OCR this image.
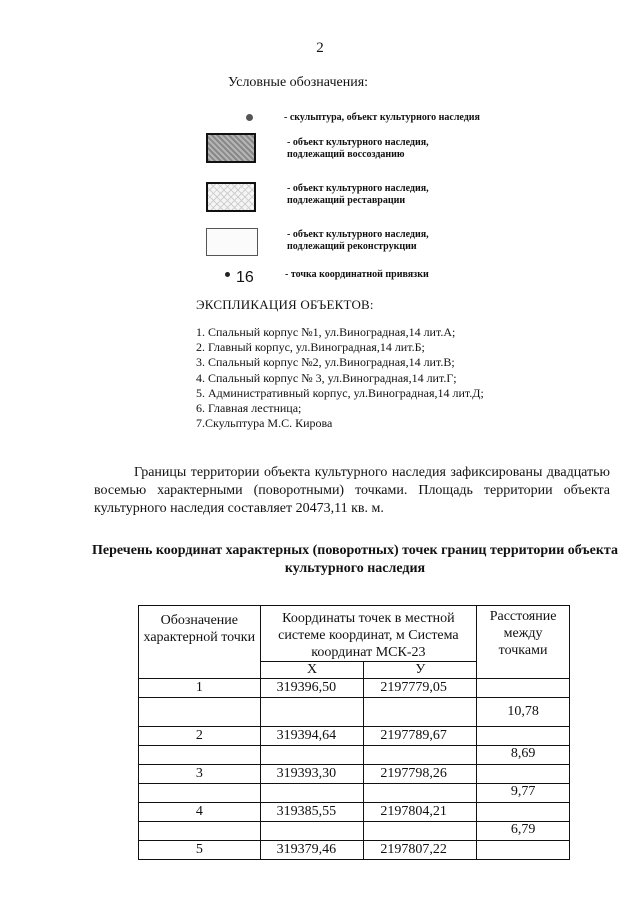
2
Условные обозначения:
- скульптура, объект культурного наследия
- объект культурного наследия, подлежащий воссозданию
- объект культурного наследия, подлежащий реставрации
- объект культурного наследия, подлежащий реконструкции
16	- точка координатной привязки
ЭКСПЛИКАЦИЯ ОБЪЕКТОВ:
1. Спальный корпус №1, ул.Виноградная,14 лит.А;
2. Главный корпус, ул.Виноградная,14 лит.Б;
3. Спальный корпус №2, ул.Виноградная,14 лит.В;
4. Спальный корпус № 3, ул.Виноградная,14 лит.Г;
5. Административный корпус, ул.Виноградная,14 лит.Д;
6. Главная лестница;
7.Скульптура М.С. Кирова
Границы территории объекта культурного наследия зафиксированы двадцатью восемью характерными (поворотными) точками. Площадь территории объекта культурного наследия составляет 20473,11 кв. м.
Перечень координат характерных (поворотных) точек границ территории объекта культурного наследия
Обозначение характерной точки	Координаты точек в местной системе координат, м Система координат МСК-23		Расстояние между точками
	X	У	
1	319396,50	2197779,05	
			10,78
2	319394,64	2197789,67	
			8,69
3	319393,30	2197798,26	
			9,77
4	319385,55	2197804,21	
			6,79
5	319379,46	2197807,22	
